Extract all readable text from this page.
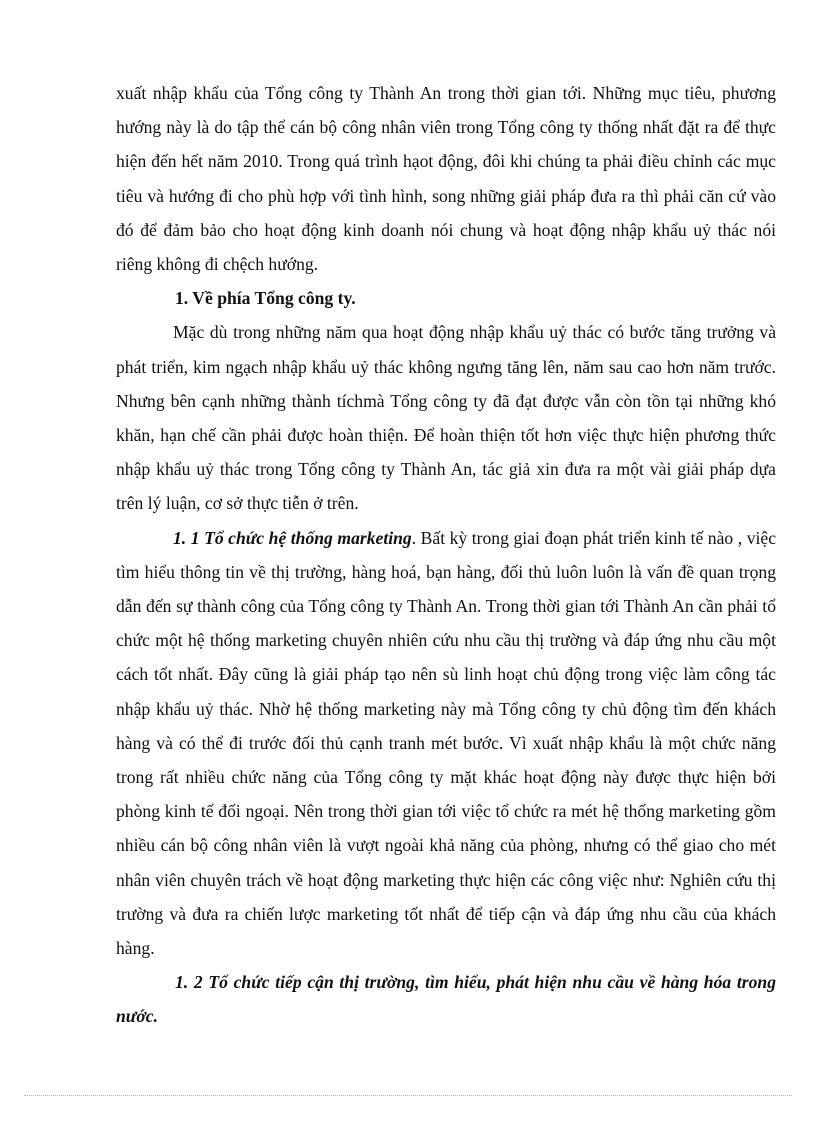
xuất nhập khẩu của Tổng công ty Thành An trong thời gian tới. Những mục tiêu, phương hướng này là do tập thể cán bộ công nhân viên trong Tổng công ty thống nhất đặt ra để thực hiện đến hết năm 2010. Trong quá trình hạot động, đôi khi chúng ta phải điều chỉnh các mục tiêu và hướng đi cho phù hợp với tình hình, song những giải pháp đưa ra thì phải căn cứ vào đó để đảm bảo cho hoạt động kinh doanh nói chung và hoạt động nhập khẩu uỷ thác nói riêng không đi chệch hướng.

1. Về phía Tổng công ty.

Mặc dù trong những năm qua hoạt động nhập khẩu uỷ thác có bước tăng trưởng và phát triển, kim ngạch nhập khẩu uỷ thác không ngưng tăng lên, năm sau cao hơn năm trước. Nhưng bên cạnh những thành tíchmà Tổng công ty đã đạt được vẫn còn tồn tại những khó khăn, hạn chế cần phải được hoàn thiện. Để hoàn thiện tốt hơn việc thực hiện phương thức nhập khẩu uỷ thác trong Tổng công ty Thành An, tác giả xin đưa ra một vài giải pháp dựa trên lý luận, cơ sở thực tiễn ở trên.

1. 1 Tổ chức hệ thống marketing. Bất kỳ trong giai đoạn phát triển kinh tế nào , việc tìm hiểu thông tin về thị trường, hàng hoá, bạn hàng, đối thủ luôn luôn là vấn đề quan trọng dẫn đến sự thành công của Tổng công ty Thành An. Trong thời gian tới Thành An cần phải tổ chức một hệ thống marketing chuyên nhiên cứu nhu cầu thị trường và đáp ứng nhu cầu một cách tốt nhất. Đây cũng là giải pháp tạo nên sù linh hoạt chủ động trong việc làm công tác nhập khẩu uỷ thác. Nhờ hệ thống marketing này mà Tổng công ty chủ động tìm đến khách hàng và có thể đi trước đối thủ cạnh tranh mét bước. Vì xuất nhập khẩu là một chức năng trong rất nhiều chức năng của Tổng công ty mặt khác hoạt động này được thực hiện bởi phòng kinh tế đối ngoại. Nên trong thời gian tới việc tổ chức ra mét hệ thống marketing gồm nhiều cán bộ công nhân viên là vượt ngoài khả năng của phòng, nhưng có thể giao cho mét nhân viên chuyên trách về hoạt động marketing thực hiện các công việc như: Nghiên cứu thị trường và đưa ra chiến lược marketing tốt nhất để tiếp cận và đáp ứng nhu cầu của khách hàng.

1. 2 Tổ chức tiếp cận thị trường, tìm hiểu, phát hiện nhu cầu về hàng hóa trong nước.
